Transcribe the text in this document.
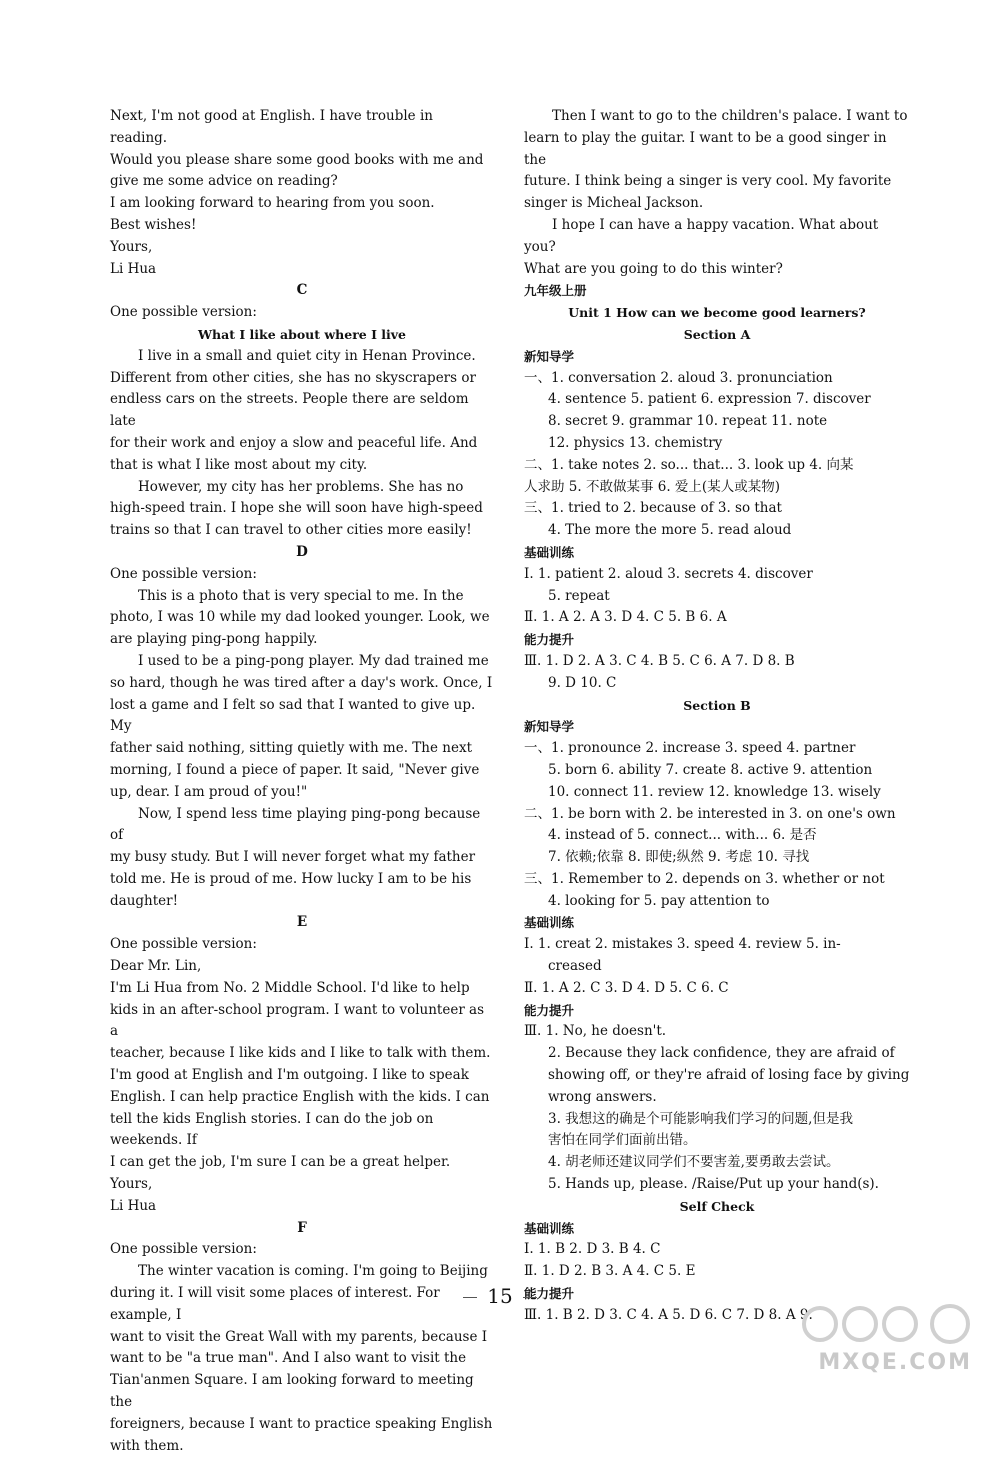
Next, I'm not good at English. I have trouble in reading.

Would you please share some good books with me and

give me some advice on reading?

I am looking forward to hearing from you soon.

Best wishes!

Yours,

Li Hua

C

One possible version:

What I like about where I live

I live in a small and quiet city in Henan Province.

Different from other cities, she has no skyscrapers or

endless cars on the streets. People there are seldom late

for their work and enjoy a slow and peaceful life. And

that is what I like most about my city.

However, my city has her problems. She has no

high-speed train. I hope she will soon have high-speed

trains so that I can travel to other cities more easily!

D

One possible version:

This is a photo that is very special to me. In the

photo, I was 10 while my dad looked younger. Look, we

are playing ping-pong happily.

I used to be a ping-pong player. My dad trained me

so hard, though he was tired after a day's work. Once, I

lost a game and I felt so sad that I wanted to give up. My

father said nothing, sitting quietly with me. The next

morning, I found a piece of paper. It said, "Never give

up, dear. I am proud of you!"

Now, I spend less time playing ping-pong because of

my busy study. But I will never forget what my father

told me. He is proud of me. How lucky I am to be his

daughter!

E

One possible version:

Dear Mr. Lin,

I'm Li Hua from No. 2 Middle School. I'd like to help

kids in an after-school program. I want to volunteer as a

teacher, because I like kids and I like to talk with them.

I'm good at English and I'm outgoing. I like to speak

English. I can help practice English with the kids. I can

tell the kids English stories. I can do the job on weekends. If

I can get the job, I'm sure I can be a great helper.

Yours,

Li Hua

F

One possible version:

The winter vacation is coming. I'm going to Beijing

during it. I will visit some places of interest. For example, I

want to visit the Great Wall with my parents, because I

want to be "a true man". And I also want to visit the

Tian'anmen Square. I am looking forward to meeting the

foreigners, because I want to practice speaking English

with them.

Then I want to go to the children's palace. I want to

learn to play the guitar. I want to be a good singer in the

future. I think being a singer is very cool. My favorite

singer is Micheal Jackson.

I hope I can have a happy vacation. What about you?

What are you going to do this winter?

九年级上册

Unit 1 How can we become good learners?

Section A

新知导学

一、1. conversation 2. aloud 3. pronunciation

4. sentence 5. patient 6. expression 7. discover

8. secret 9. grammar 10. repeat 11. note

12. physics 13. chemistry

二、1. take notes 2. so... that... 3. look up 4. 向某

人求助 5. 不敢做某事 6. 爱上(某人或某物)

三、1. tried to 2. because of 3. so that

4. The more the more 5. read aloud

基础训练

Ⅰ. 1. patient 2. aloud 3. secrets 4. discover

5. repeat

Ⅱ. 1. A 2. A 3. D 4. C 5. B 6. A

能力提升

Ⅲ. 1. D 2. A 3. C 4. B 5. C 6. A 7. D 8. B

9. D 10. C

Section B

新知导学

一、1. pronounce 2. increase 3. speed 4. partner

5. born 6. ability 7. create 8. active 9. attention

10. connect 11. review 12. knowledge 13. wisely

二、1. be born with 2. be interested in 3. on one's own

4. instead of 5. connect... with... 6. 是否

7. 依赖;依靠 8. 即使;纵然 9. 考虑 10. 寻找

三、1. Remember to 2. depends on 3. whether or not

4. looking for 5. pay attention to

基础训练

Ⅰ. 1. creat 2. mistakes 3. speed 4. review 5. in-

creased

Ⅱ. 1. A 2. C 3. D 4. D 5. C 6. C

能力提升

Ⅲ. 1. No, he doesn't.

2. Because they lack confidence, they are afraid of

showing off, or they're afraid of losing face by giving

wrong answers.

3. 我想这的确是个可能影响我们学习的问题,但是我

害怕在同学们面前出错。

4. 胡老师还建议同学们不要害羞,要勇敢去尝试。

5. Hands up, please. /Raise/Put up your hand(s).

Self Check

基础训练

Ⅰ. 1. B 2. D 3. B 4. C

Ⅱ. 1. D 2. B 3. A 4. C 5. E

能力提升

Ⅲ. 1. B 2. D 3. C 4. A 5. D 6. C 7. D 8. A 9.

15
MXQE.COM
